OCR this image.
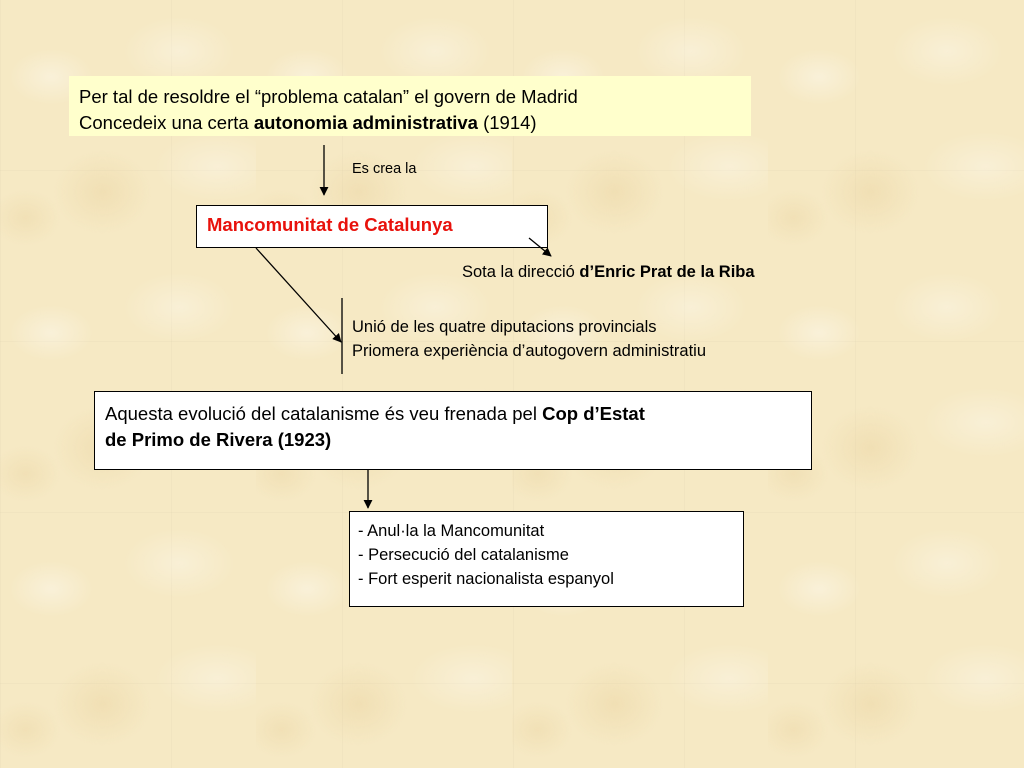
Per tal de resoldre el “problema catalan” el govern de Madrid
Concedeix una certa autonomia administrativa (1914)
Es crea la
Mancomunitat de Catalunya
Sota la direcció d’Enric Prat de la Riba
Unió de les quatre diputacions provincials
Priomera experiència d’autogovern administratiu
Aquesta evolució del catalanisme és veu frenada pel Cop d’Estat
de Primo de Rivera (1923)
- Anul·la la Mancomunitat
- Persecució del catalanisme
- Fort esperit nacionalista espanyol
